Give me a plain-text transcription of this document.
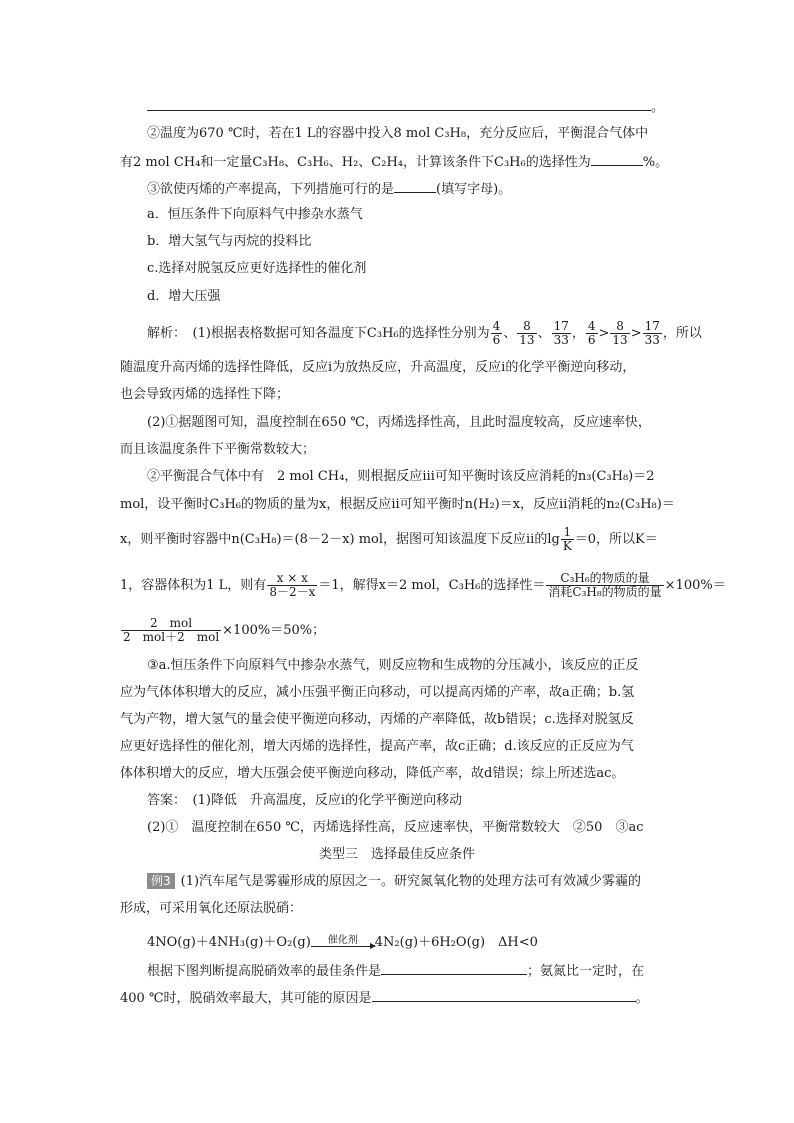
。
②温度为670 ℃时，若在1 L的容器中投入8 mol C₃H₈，充分反应后，平衡混合气体中
有2 mol CH₄和一定量C₃H₈、C₃H₆、H₂、C₂H₄，计算该条件下C₃H₆的选择性为	%。
③欲使丙烯的产率提高，下列措施可行的是	(填写字母)。
a．恒压条件下向原料气中掺杂水蒸气
b．增大氢气与丙烷的投料比
c.选择对脱氢反应更好选择性的催化剂
d．增大压强
解析：　(1)根据表格数据可知各温度下C₃H₆的选择性分别为 $\frac{4}{6}$ 、 $\frac{8}{13}$ 、 $\frac{17}{33}$ ， $\frac{4}{6} > \frac{8}{13} > \frac{17}{33}$ ，所以
随温度升高丙烯的选择性降低，反应ⅰ为放热反应，升高温度，反应ⅰ的化学平衡逆向移动，
也会导致丙烯的选择性下降；
(2)①据题图可知，温度控制在650 ℃，丙烯选择性高，且此时温度较高，反应速率快，
而且该温度条件下平衡常数较大；
②平衡混合气体中有　2 mol CH₄，则根据反应ⅲ可知平衡时该反应消耗的n₃(C₃H₈)＝2
mol，设平衡时C₃H₆的物质的量为x，根据反应ⅱ可知平衡时n(H₂)＝x，反应ⅱ消耗的n₂(C₃H₈)＝
x，则平衡时容器中n(C₃H₈)＝(8－2－x) mol，据图可知该温度下反应ⅱ的$\lg \frac{1}{K} =0$，所以K＝
1，容器体积为1 L，则有 $\frac{x \times x}{8-2-x} =1$，解得x＝2 mol，C₃H₆的选择性＝ $\frac{\text{C₃H₆的物质的量}}{\text{消耗C₃H₈的物质的量}} \times 100\%=$
$\frac{\text{2　mol}}{\text{2　mol＋2　mol}} \times 100\%=50\%$；
③a.恒压条件下向原料气中掺杂水蒸气，则反应物和生成物的分压减小，该反应的正反
应为气体体积增大的反应，减小压强平衡正向移动，可以提高丙烯的产率，故a正确；b.氢
气为产物，增大氢气的量会使平衡逆向移动，丙烯的产率降低，故b错误；c.选择对脱氢反
应更好选择性的催化剂，增大丙烯的选择性，提高产率，故c正确；d.该反应的正反应为气
体体积增大的反应，增大压强会使平衡逆向移动，降低产率，故d错误；综上所述选ac。
答案：　(1)降低　升高温度，反应ⅰ的化学平衡逆向移动
(2)①　温度控制在650 ℃，丙烯选择性高，反应速率快，平衡常数较大　②50　③ac
类型三　选择最佳反应条件
例3 (1)汽车尾气是雾霾形成的原因之一。研究氮氧化物的处理方法可有效减少雾霾的
形成，可采用氧化还原法脱硝：
4NO(g)＋4NH₃(g)＋O₂(g)	催化剂	4N₂(g)＋6H₂O(g)　ΔH<0
根据下图判断提高脱硝效率的最佳条件是	；氨氮比一定时，在
400 ℃时，脱硝效率最大，其可能的原因是	。
